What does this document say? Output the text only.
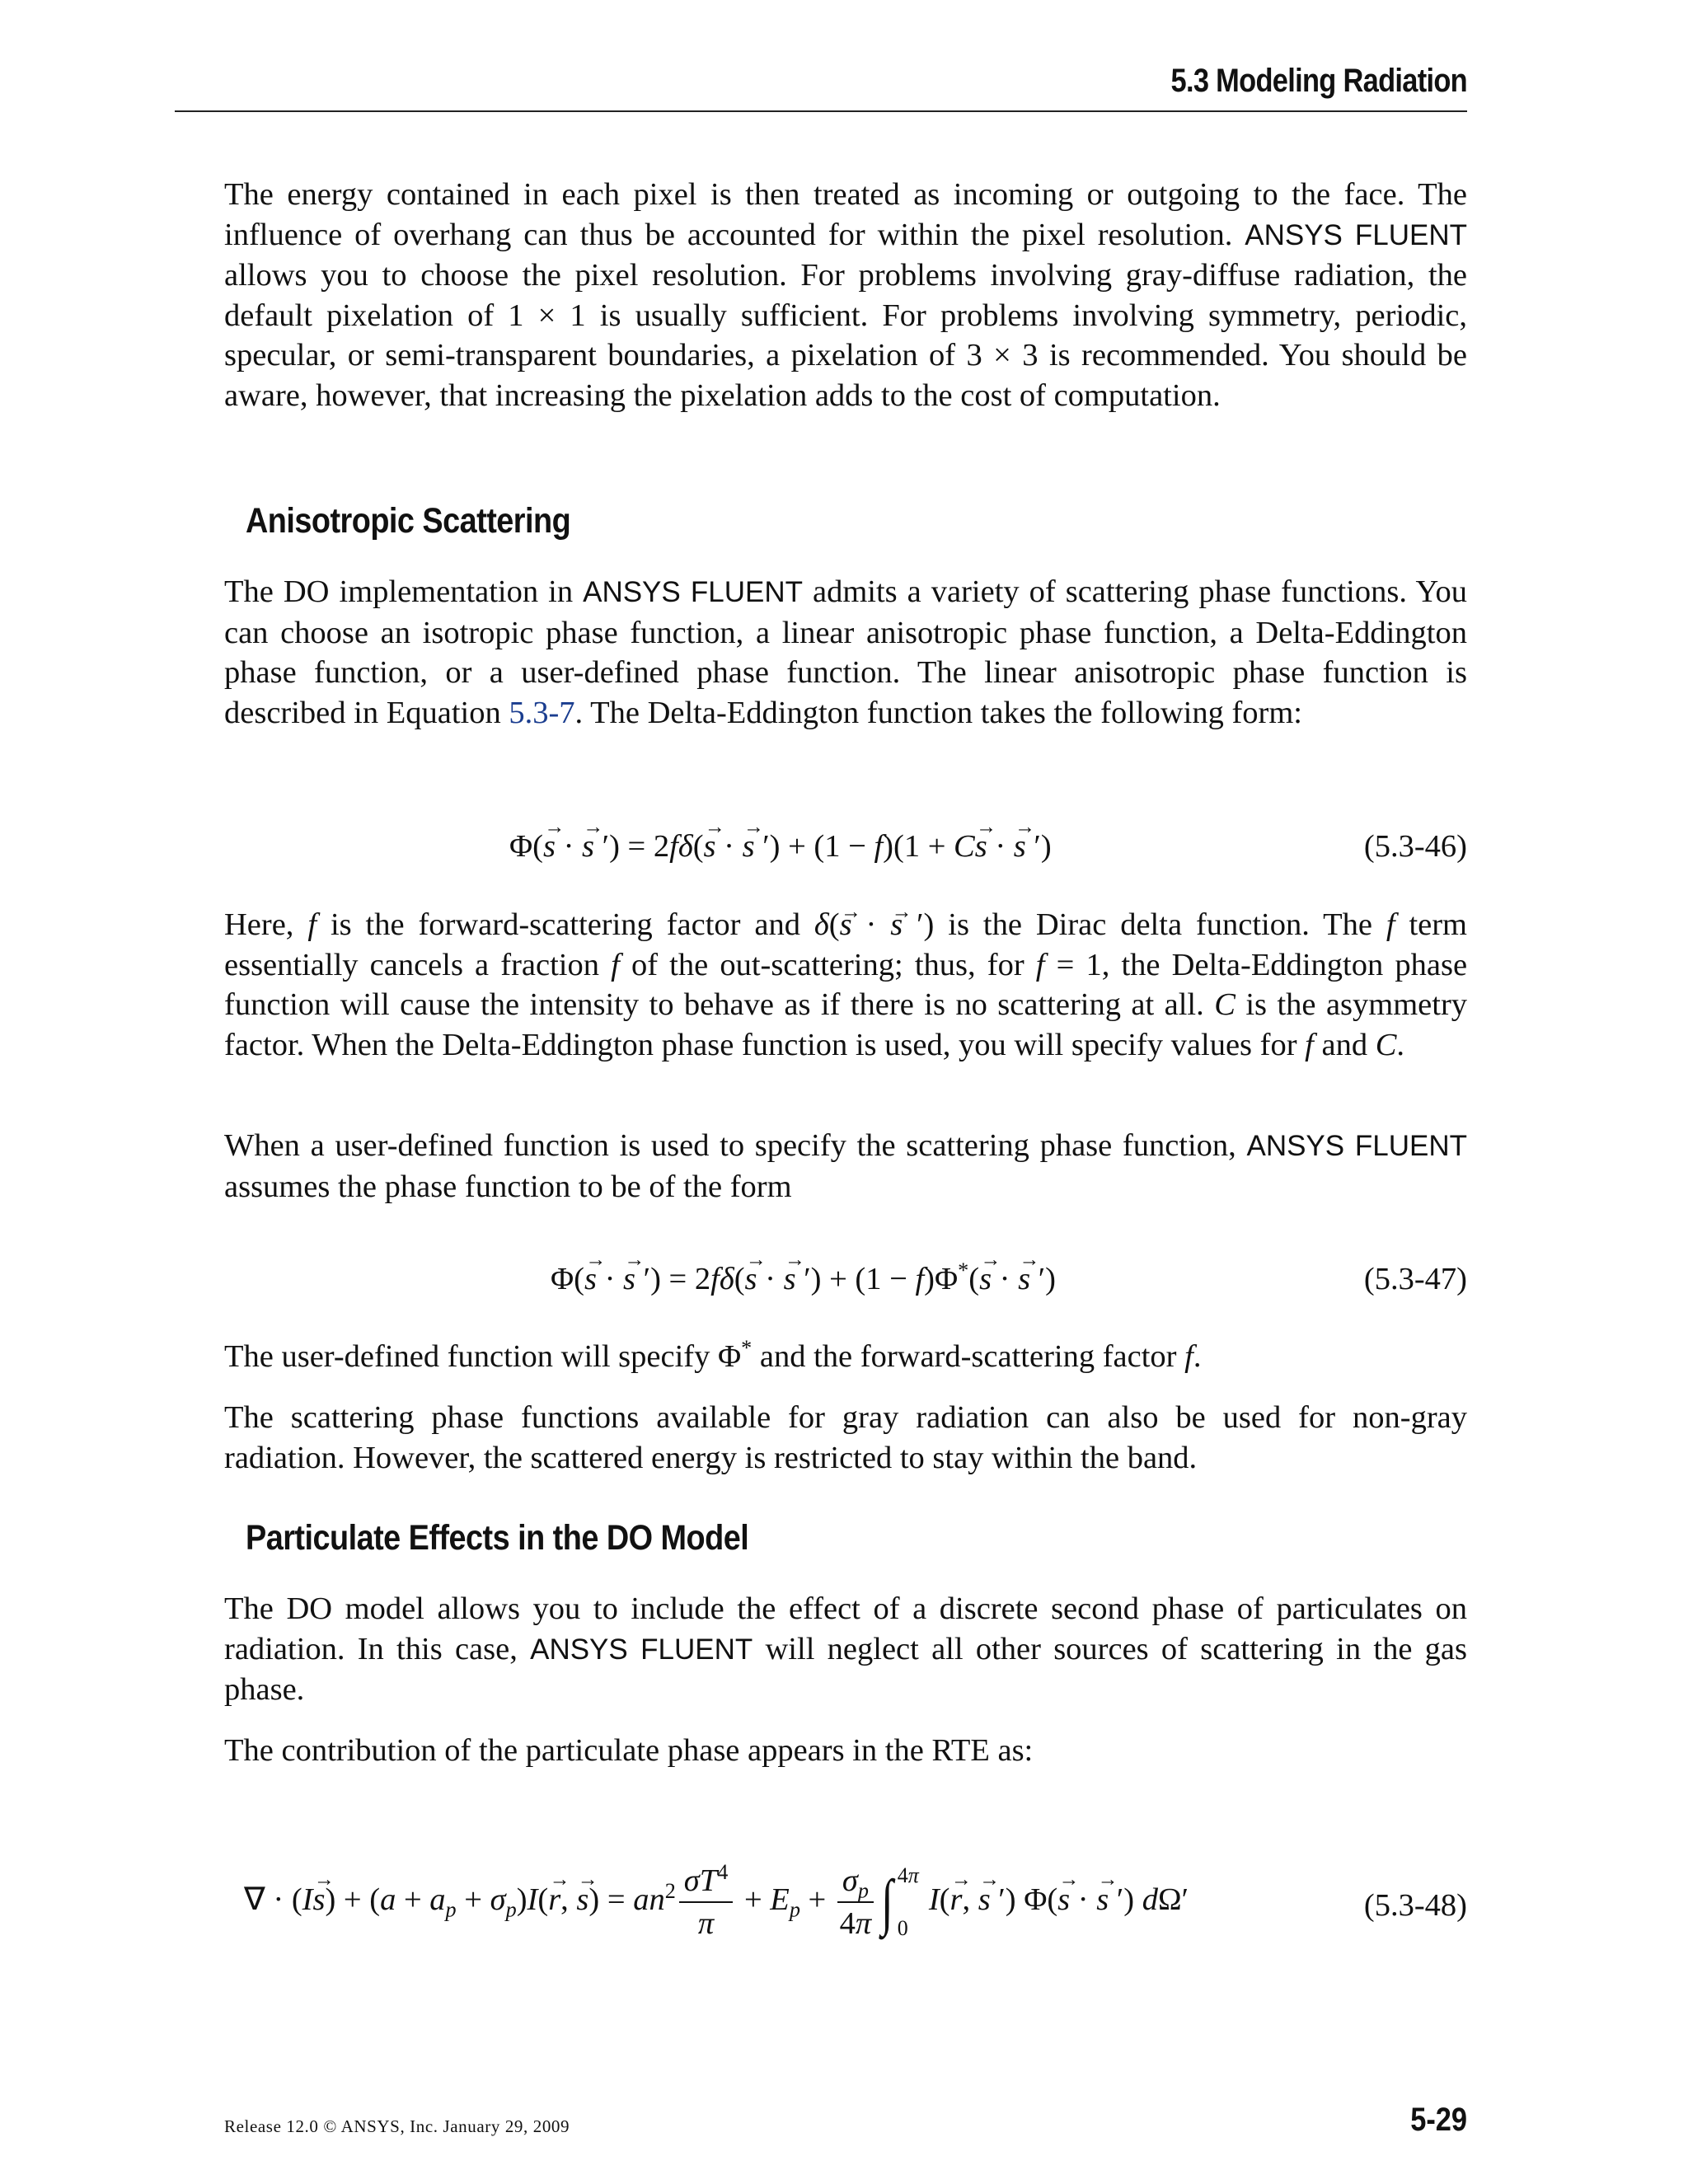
5.3 Modeling Radiation

The energy contained in each pixel is then treated as incoming or outgoing to the face. The influence of overhang can thus be accounted for within the pixel resolution. ANSYS FLUENT allows you to choose the pixel resolution. For problems involving gray-diffuse radiation, the default pixelation of 1 × 1 is usually sufficient. For problems involving symmetry, periodic, specular, or semi-transparent boundaries, a pixelation of 3 × 3 is recommended. You should be aware, however, that increasing the pixelation adds to the cost of computation.

Anisotropic Scattering

The DO implementation in ANSYS FLUENT admits a variety of scattering phase functions. You can choose an isotropic phase function, a linear anisotropic phase function, a Delta-Eddington phase function, or a user-defined phase function. The linear anisotropic phase function is described in Equation 5.3-7. The Delta-Eddington function takes the following form:

Φ(→ s · → s ′) = 2fδ(→ s · → s ′) + (1 − f)(1 + C→ s · → s ′)	(5.3-46)

Here, f is the forward-scattering factor and δ(→ s · → s ′) is the Dirac delta function. The f term essentially cancels a fraction f of the out-scattering; thus, for f = 1, the Delta-Eddington phase function will cause the intensity to behave as if there is no scattering at all. C is the asymmetry factor. When the Delta-Eddington phase function is used, you will specify values for f and C.

When a user-defined function is used to specify the scattering phase function, ANSYS FLUENT assumes the phase function to be of the form

Φ(→ s · → s ′) = 2fδ(→ s · → s ′) + (1 − f)Φ*(→ s · → s ′)	(5.3-47)

The user-defined function will specify Φ* and the forward-scattering factor f.

The scattering phase functions available for gray radiation can also be used for non-gray radiation. However, the scattered energy is restricted to stay within the band.

Particulate Effects in the DO Model

The DO model allows you to include the effect of a discrete second phase of particulates on radiation. In this case, ANSYS FLUENT will neglect all other sources of scattering in the gas phase.

The contribution of the particulate phase appears in the RTE as:

∇ · $(I\to s) + (a + a_p + \sigma_p)I(\to r$, → $s) = an^2 \frac{\sigma T^4}{\pi} + E_p + \frac{\sigma_p}{4\pi}$ ∫ 4π
0
I(→ r, → s ′) Φ(→ s · → s ′) dΩ′	(5.3-48)
Release 12.0 © ANSYS, Inc. January 29, 2009	5-29
